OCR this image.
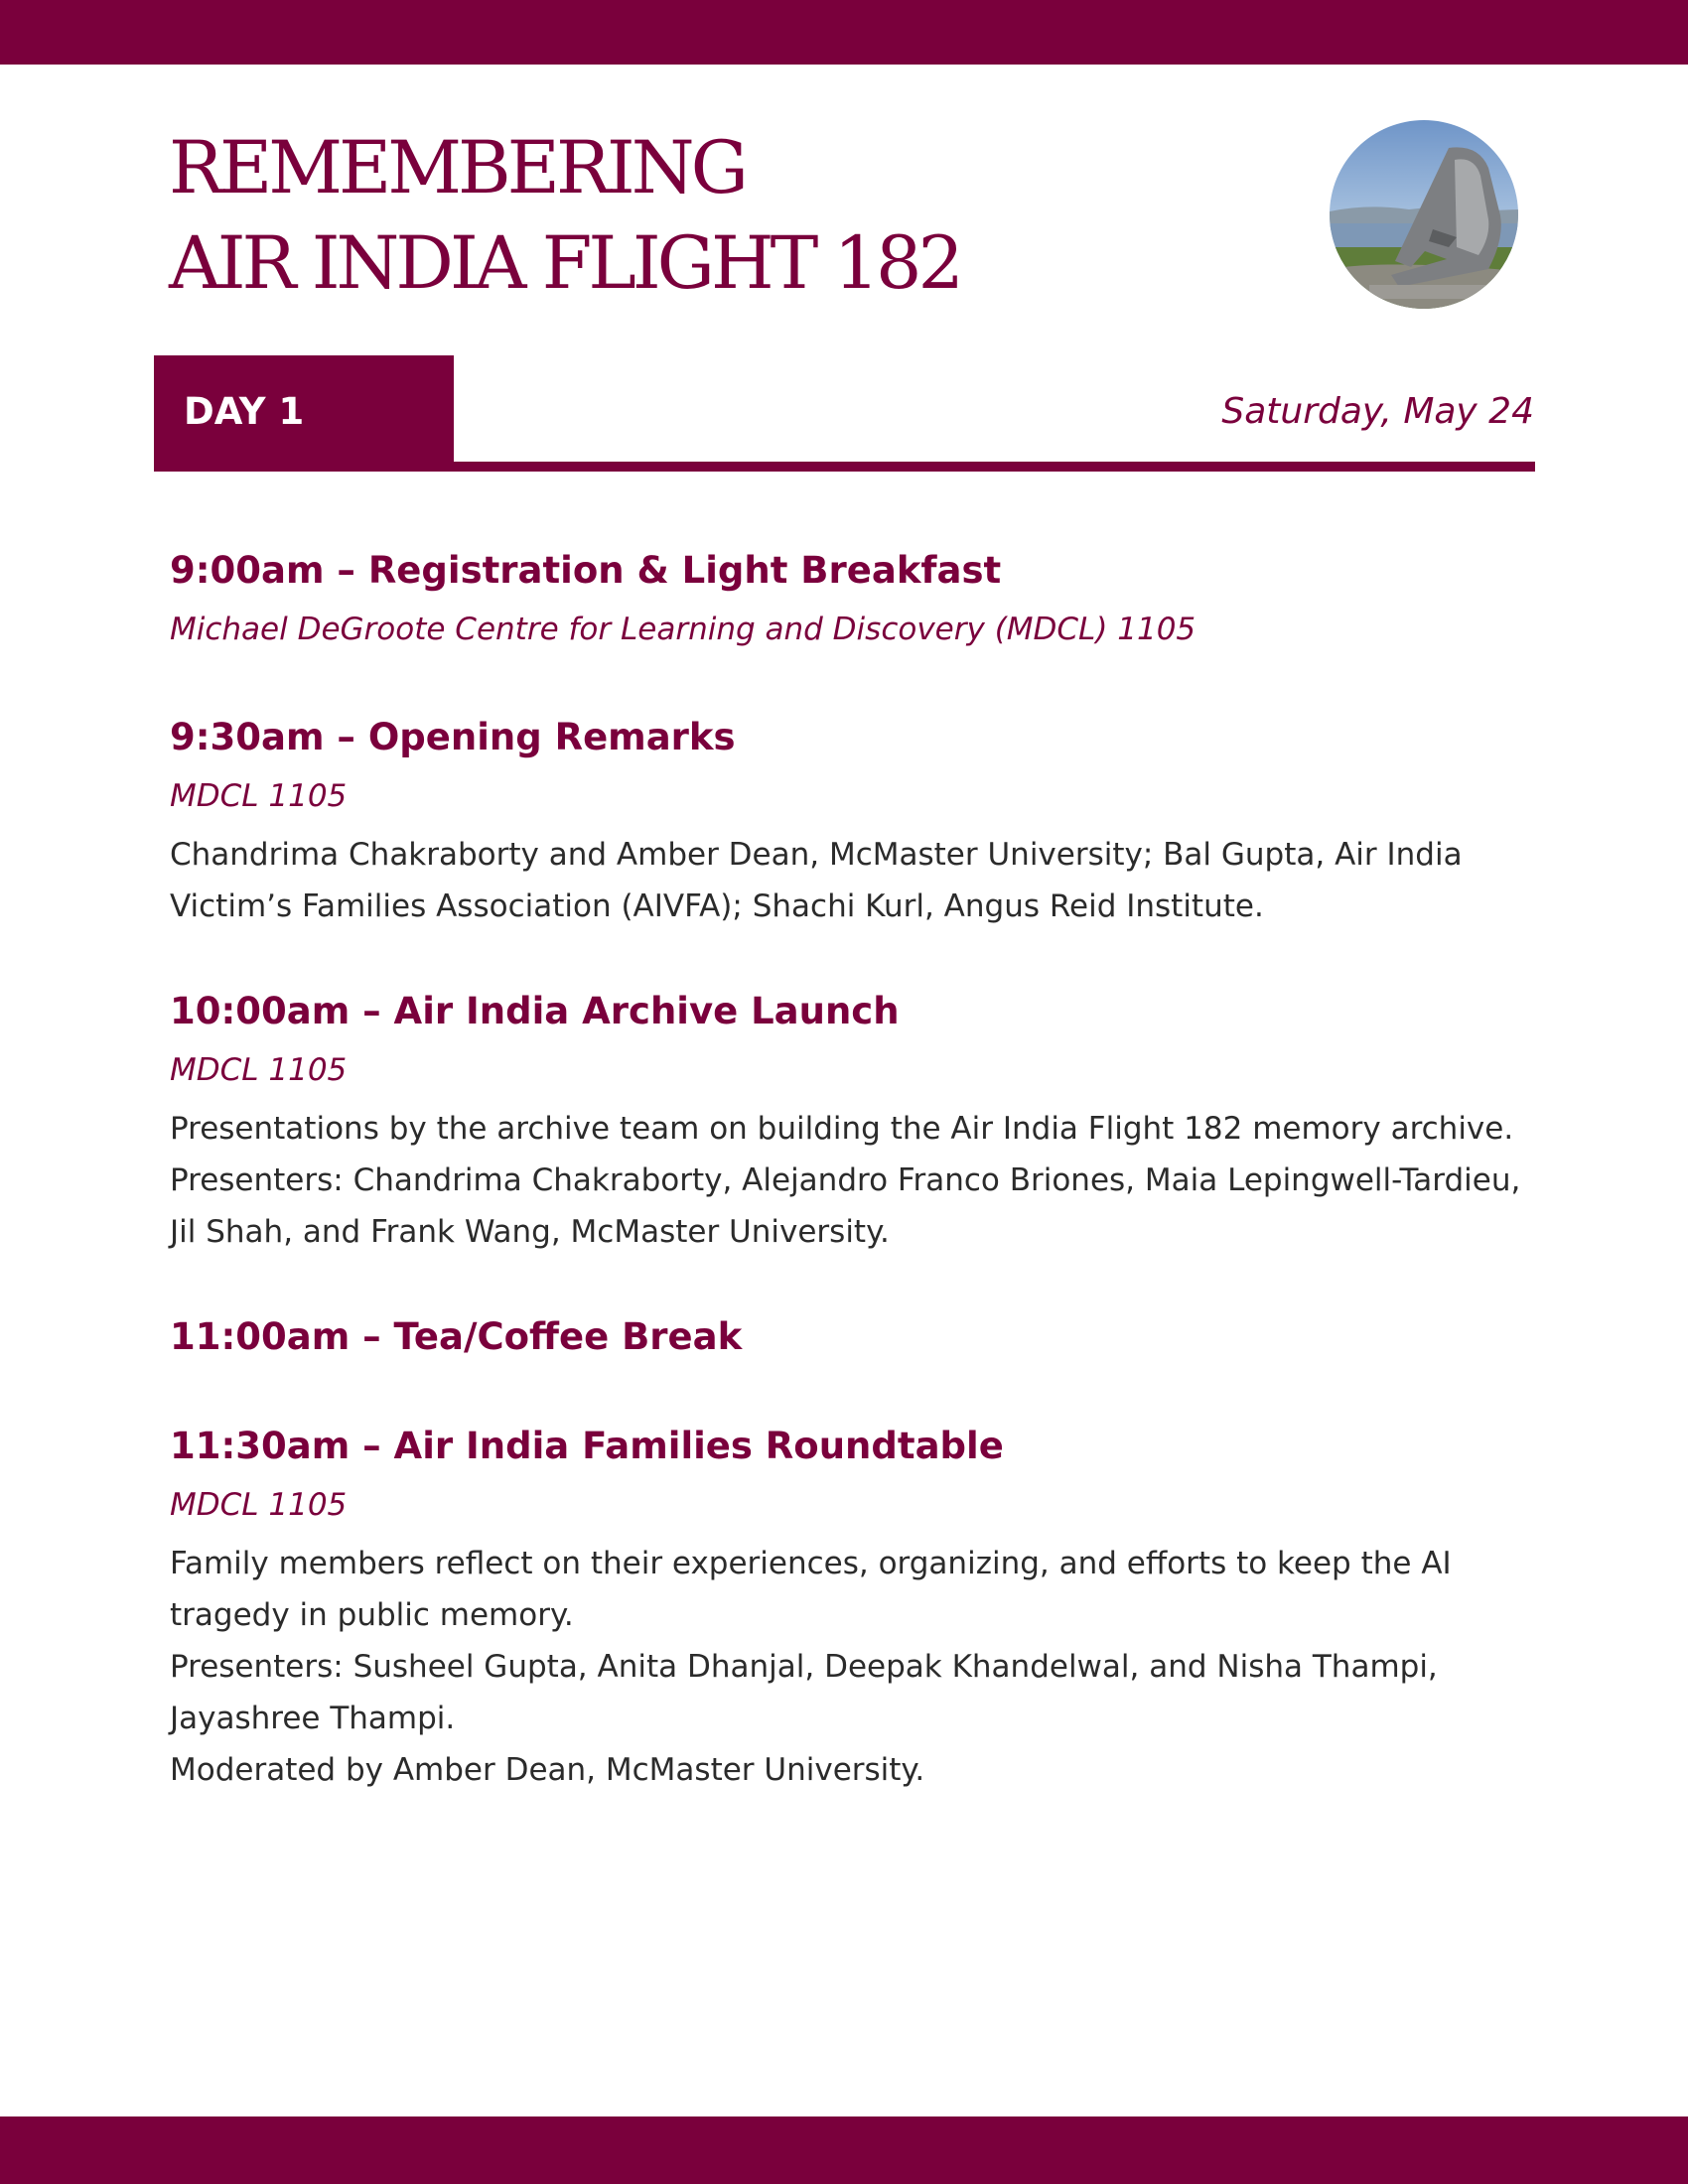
REMEMBERING
AIR INDIA FLIGHT 182
DAY 1	Saturday, May 24
9:00am – Registration & Light Breakfast
Michael DeGroote Centre for Learning and Discovery (MDCL) 1105
9:30am – Opening Remarks
MDCL 1105

Chandrima Chakraborty and Amber Dean, McMaster University; Bal Gupta, Air India Victim’s Families Association (AIVFA); Shachi Kurl, Angus Reid Institute.

10:00am – Air India Archive Launch
MDCL 1105

Presentations by the archive team on building the Air India Flight 182 memory archive.

Presenters: Chandrima Chakraborty, Alejandro Franco Briones, Maia Lepingwell-Tardieu, Jil Shah, and Frank Wang, McMaster University.

11:00am – Tea/Coffee Break
11:30am – Air India Families Roundtable
MDCL 1105

Family members reflect on their experiences, organizing, and efforts to keep the AI tragedy in public memory.

Presenters: Susheel Gupta, Anita Dhanjal, Deepak Khandelwal, and Nisha Thampi, Jayashree Thampi.

Moderated by Amber Dean, McMaster University.
